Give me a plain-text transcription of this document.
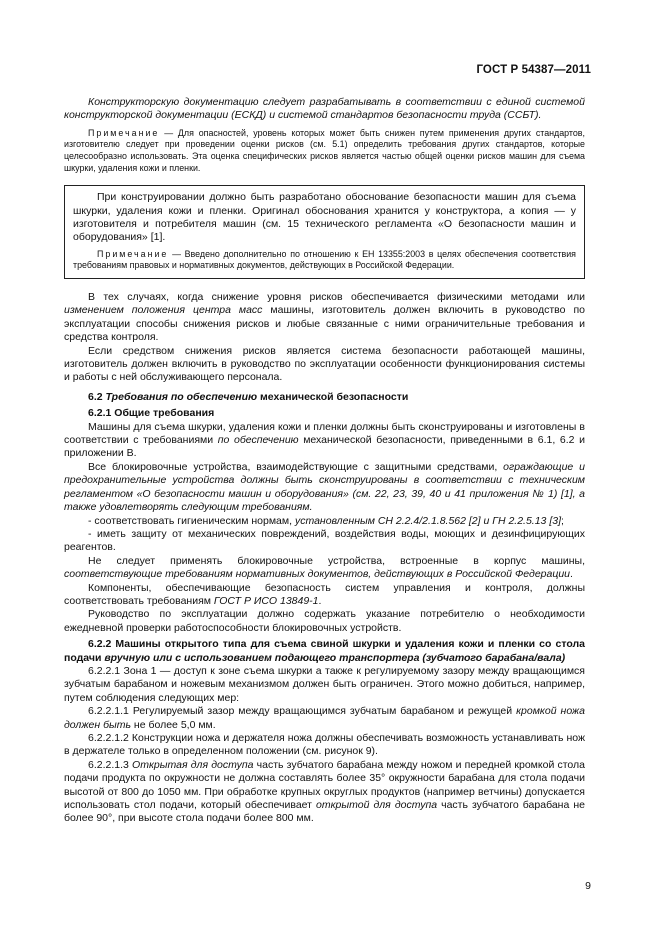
ГОСТ Р 54387—2011

Конструкторскую документацию следует разрабатывать в соответствии с единой системой конструкторской документации (ЕСКД) и системой стандартов безопасности труда (ССБТ).

Примечание — Для опасностей, уровень которых может быть снижен путем применения других стандартов, изготовителю следует при проведении оценки рисков (см. 5.1) определить требования других стандартов, которые целесообразно использовать. Эта оценка специфических рисков является частью общей оценки рисков машин для съема шкурки, удаления кожи и пленки.

При конструировании должно быть разработано обоснование безопасности машин для съема шкурки, удаления кожи и пленки. Оригинал обоснования хранится у конструктора, а копия — у изготовителя и потребителя машин (см. 15 технического регламента «О безопасности машин и оборудования» [1].

Примечание — Введено дополнительно по отношению к ЕН 13355:2003 в целях обеспечения соответствия требованиям правовых и нормативных документов, действующих в Российской Федерации.

В тех случаях, когда снижение уровня рисков обеспечивается физическими методами или изменением положения центра масс машины, изготовитель должен включить в руководство по эксплуатации способы снижения рисков и любые связанные с ними ограничительные требования и средства контроля.

Если средством снижения рисков является система безопасности работающей машины, изготовитель должен включить в руководство по эксплуатации особенности функционирования системы и работы с ней обслуживающего персонала.

6.2 Требования по обеспечению механической безопасности

6.2.1 Общие требования

Машины для съема шкурки, удаления кожи и пленки должны быть сконструированы и изготовлены в соответствии с требованиями по обеспечению механической безопасности, приведенными в 6.1, 6.2 и приложении В.

Все блокировочные устройства, взаимодействующие с защитными средствами, ограждающие и предохранительные устройства должны быть сконструированы в соответствии с техническим регламентом «О безопасности машин и оборудования» (см. 22, 23, 39, 40 и 41 приложения № 1) [1], а также удовлетворять следующим требованиям.

- соответствовать гигиеническим нормам, установленным СН 2.2.4/2.1.8.562 [2] и ГН 2.2.5.13 [3];

- иметь защиту от механических повреждений, воздействия воды, моющих и дезинфицирующих реагентов.

Не следует применять блокировочные устройства, встроенные в корпус машины, соответствующие требованиям нормативных документов, действующих в Российской Федерации.

Компоненты, обеспечивающие безопасность систем управления и контроля, должны соответствовать требованиям ГОСТ Р ИСО 13849-1.

Руководство по эксплуатации должно содержать указание потребителю о необходимости ежедневной проверки работоспособности блокировочных устройств.

6.2.2 Машины открытого типа для съема свиной шкурки и удаления кожи и пленки со стола подачи вручную или с использованием подающего транспортера (зубчатого барабана/вала)

6.2.2.1 Зона 1 — доступ к зоне съема шкурки а также к регулируемому зазору между вращающимся зубчатым барабаном и ножевым механизмом должен быть ограничен. Этого можно добиться, например, путем соблюдения следующих мер:

6.2.2.1.1 Регулируемый зазор между вращающимся зубчатым барабаном и режущей кромкой ножа должен быть не более 5,0 мм.

6.2.2.1.2 Конструкции ножа и держателя ножа должны обеспечивать возможность устанавливать нож в держателе только в определенном положении (см. рисунок 9).

6.2.2.1.3 Открытая для доступа часть зубчатого барабана между ножом и передней кромкой стола подачи продукта по окружности не должна составлять более 35° окружности барабана для стола подачи высотой от 800 до 1050 мм. При обработке крупных округлых продуктов (например ветчины) допускается использовать стол подачи, который обеспечивает открытой для доступа часть зубчатого барабана не более 90°, при высоте стола подачи более 800 мм.

9
